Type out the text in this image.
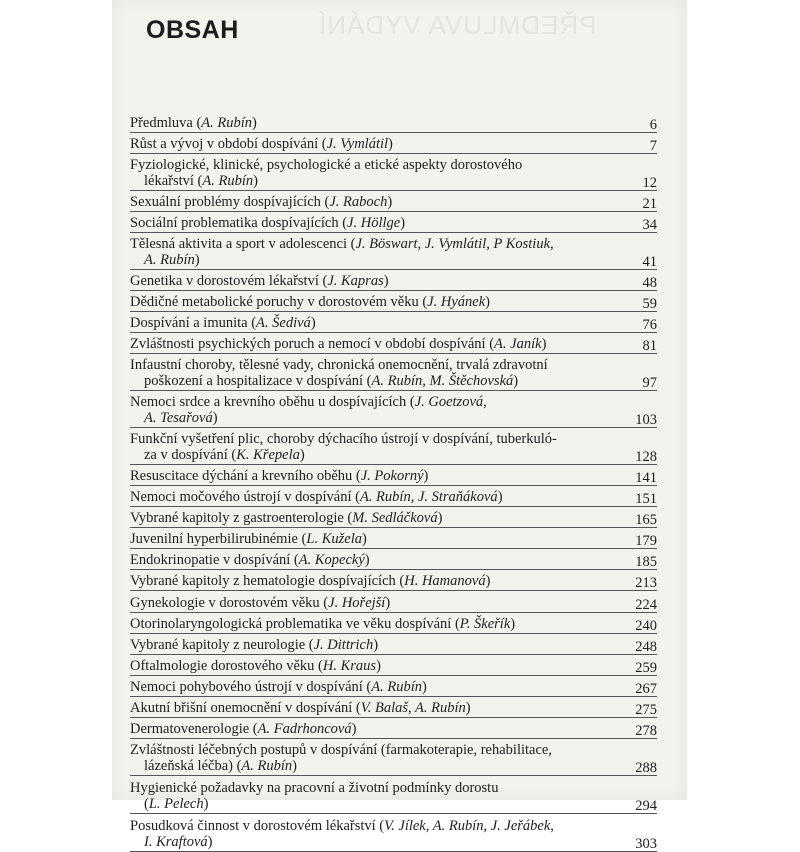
PŘEDMLUVA VYDÁNÍ
OBSAH
Předmluva (A. Rubín)	6
Růst a vývoj v období dospívání (J. Vymlátil)	7
Fyziologické, klinické, psychologické a etické aspekty dorostového
lékařství (A. Rubín)	12
Sexuální problémy dospívajících (J. Raboch)	21
Sociální problematika dospívajících (J. Höllge)	34
Tělesná aktivita a sport v adolescenci (J. Böswart, J. Vymlátil, P Kostiuk,
A. Rubín)	41
Genetika v dorostovém lékařství (J. Kapras)	48
Dědičné metabolické poruchy v dorostovém věku (J. Hyánek)	59
Dospívání a imunita (A. Šedivá)	76
Zvláštnosti psychických poruch a nemocí v období dospívání (A. Janík)	81
Infaustní choroby, tělesné vady, chronická onemocnění, trvalá zdravotní
poškození a hospitalizace v dospívání (A. Rubín, M. Štěchovská)	97
Nemoci srdce a krevního oběhu u dospívajících (J. Goetzová,
A. Tesařová)	103
Funkční vyšetření plic, choroby dýchacího ústrojí v dospívání, tuberkuló-
za v dospívání (K. Křepela)	128
Resuscitace dýchání a krevního oběhu (J. Pokorný)	141
Nemoci močového ústrojí v dospívání (A. Rubín, J. Straňáková)	151
Vybrané kapitoly z gastroenterologie (M. Sedláčková)	165
Juvenilní hyperbilirubinémie (L. Kužela)	179
Endokrinopatie v dospívání (A. Kopecký)	185
Vybrané kapitoly z hematologie dospívajících (H. Hamanová)	213
Gynekologie v dorostovém věku (J. Hořejší)	224
Otorinolaryngologická problematika ve věku dospívání (P. Škeřík)	240
Vybrané kapitoly z neurologie (J. Dittrich)	248
Oftalmologie dorostového věku (H. Kraus)	259
Nemoci pohybového ústrojí v dospívání (A. Rubín)	267
Akutní břišní onemocnění v dospívání (V. Balaš, A. Rubín)	275
Dermatovenerologie (A. Fadrhoncová)	278
Zvláštnosti léčebných postupů v dospívání (farmakoterapie, rehabilitace,
lázeňská léčba) (A. Rubín)	288
Hygienické požadavky na pracovní a životní podmínky dorostu
(L. Pelech)	294
Posudková činnost v dorostovém lékařství (V. Jílek, A. Rubín, J. Jeřábek,
I. Kraftová)	303
